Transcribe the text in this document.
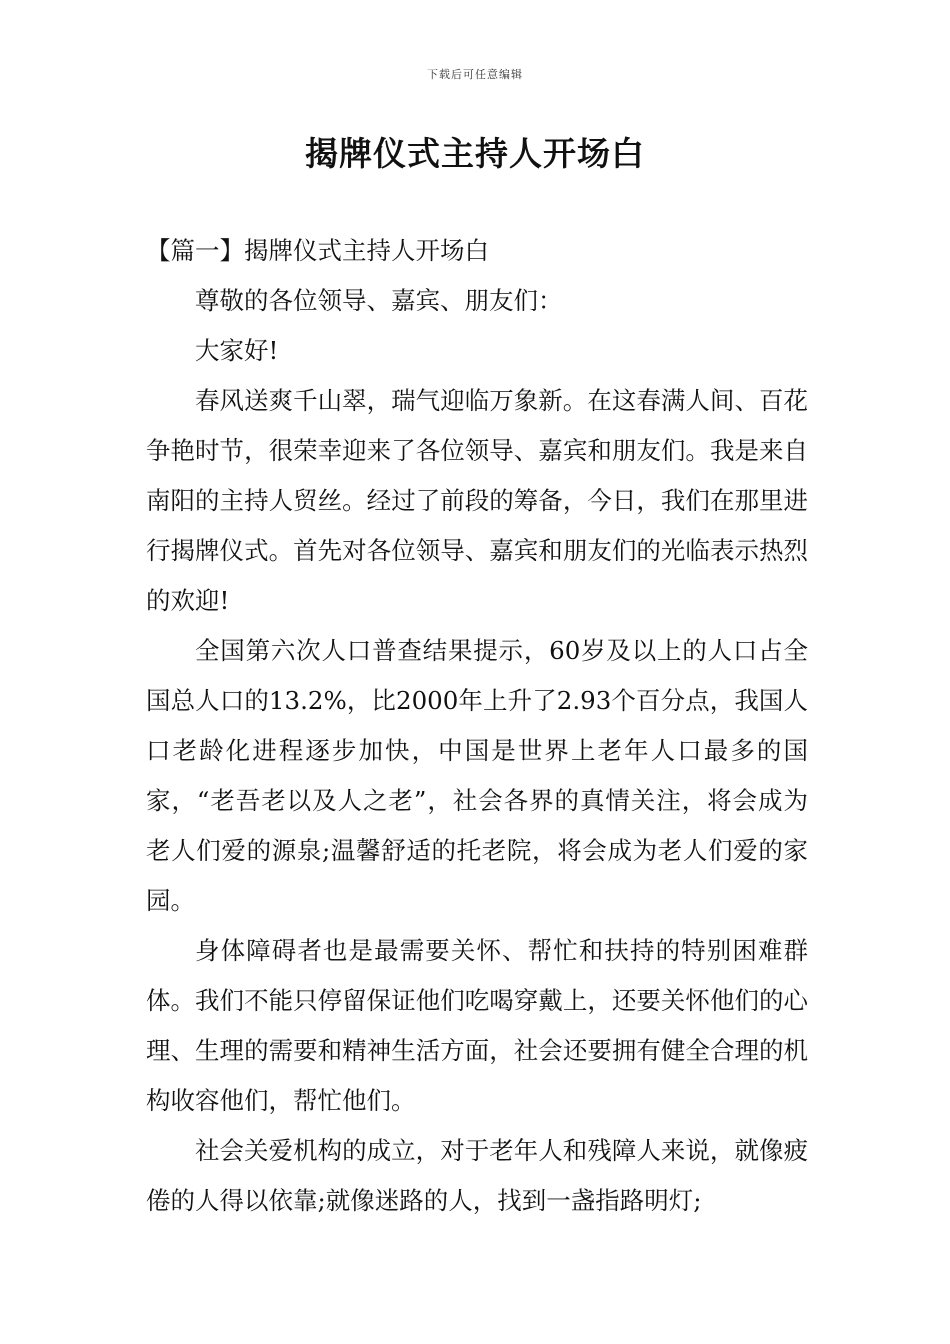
下载后可任意编辑
揭牌仪式主持人开场白

【篇一】揭牌仪式主持人开场白

尊敬的各位领导、嘉宾、朋友们：

大家好!

春风送爽千山翠，瑞气迎临万象新。在这春满人间、百花争艳时节，很荣幸迎来了各位领导、嘉宾和朋友们。我是来自南阳的主持人贸丝。经过了前段的筹备，今日，我们在那里进行揭牌仪式。首先对各位领导、嘉宾和朋友们的光临表示热烈的欢迎!

全国第六次人口普查结果提示，60岁及以上的人口占全国总人口的13.2%，比2000年上升了2.93个百分点，我国人口老龄化进程逐步加快，中国是世界上老年人口最多的国家，“老吾老以及人之老”，社会各界的真情关注，将会成为老人们爱的源泉;温馨舒适的托老院，将会成为老人们爱的家园。

身体障碍者也是最需要关怀、帮忙和扶持的特别困难群体。我们不能只停留保证他们吃喝穿戴上，还要关怀他们的心理、生理的需要和精神生活方面，社会还要拥有健全合理的机构收容他们，帮忙他们。

社会关爱机构的成立，对于老年人和残障人来说，就像疲倦的人得以依靠;就像迷路的人，找到一盏指路明灯;
